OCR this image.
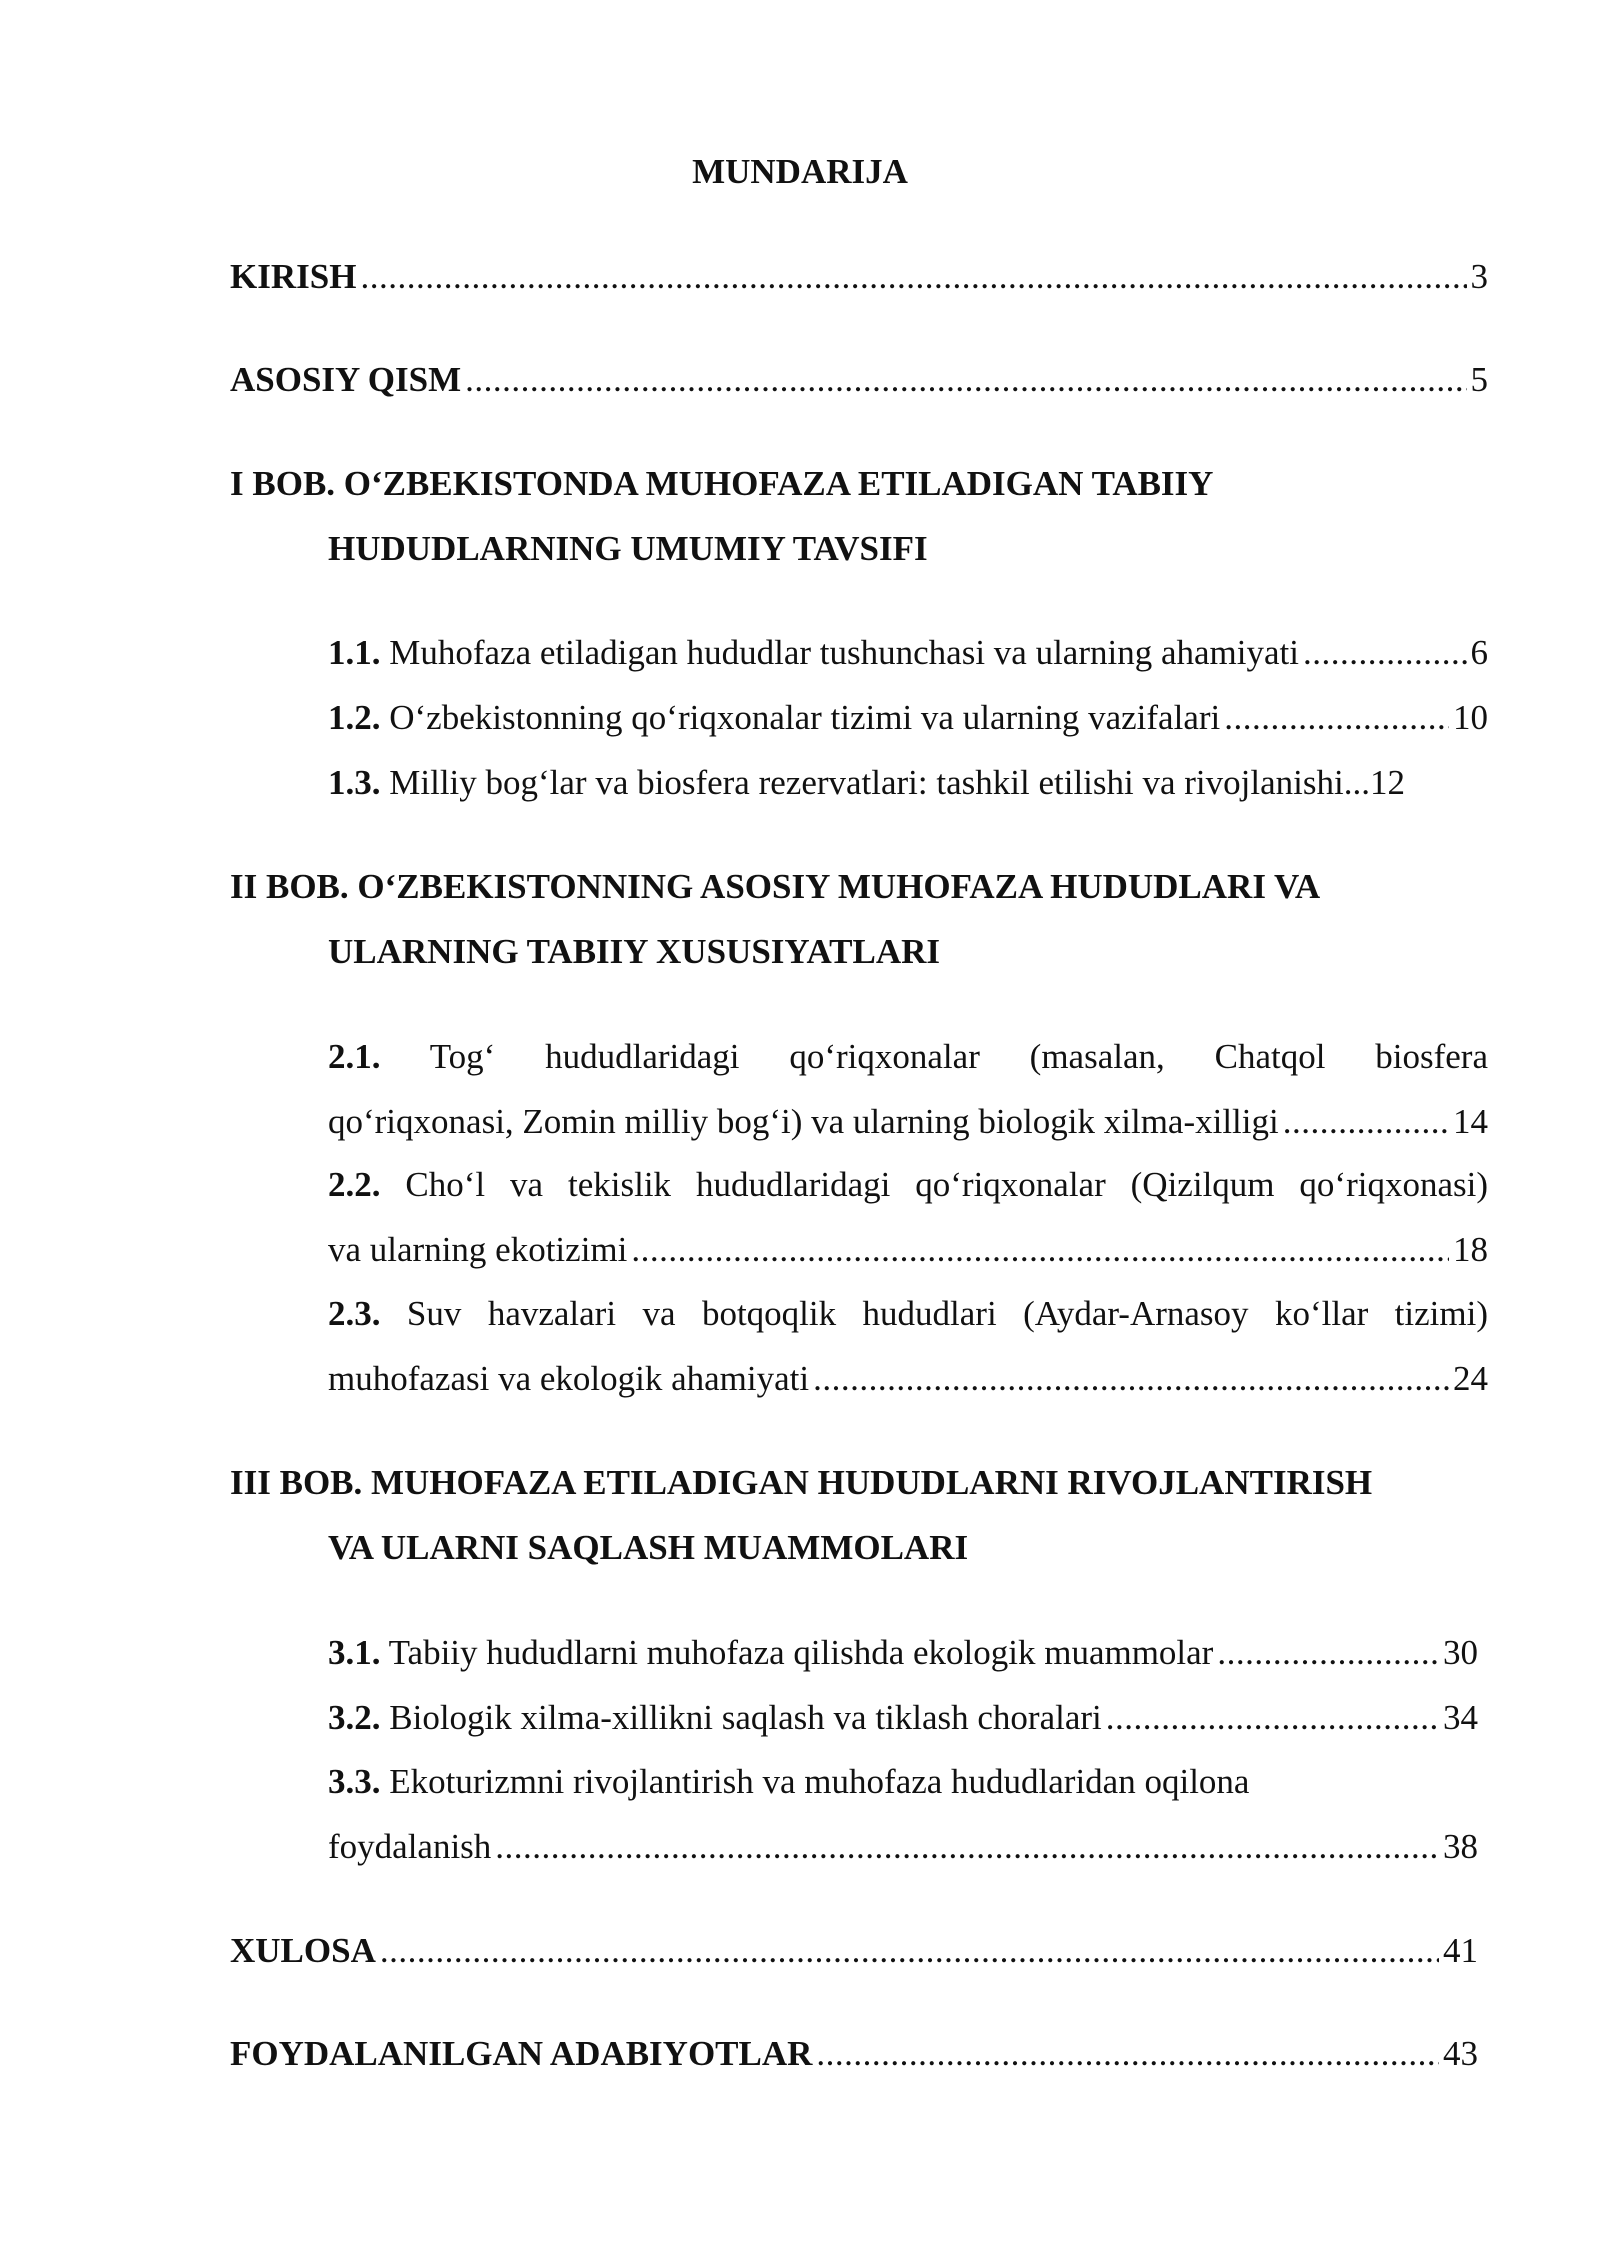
MUNDARIJA
KIRISH .....	3
ASOSIY QISM .....	5
I BOB. O‘ZBEKISTONDA MUHOFAZA ETILADIGAN TABIIY
HUDUDLARNING UMUMIY TAVSIFI
1.1. Muhofaza etiladigan hududlar tushunchasi va ularning ahamiyati .....	6
1.2. O‘zbekistonning qo‘riqxonalar tizimi va ularning vazifalari .....	10
1.3. Milliy bog‘lar va biosfera rezervatlari: tashkil etilishi va rivojlanishi...12
II BOB. O‘ZBEKISTONNING ASOSIY MUHOFAZA HUDUDLARI VA
ULARNING TABIIY XUSUSIYATLARI
2.1. Tog‘ hududlaridagi qo‘riqxonalar (masalan, Chatqol biosfera
qo‘riqxonasi, Zomin milliy bog‘i) va ularning biologik xilma-xilligi .....	14
2.2. Cho‘l va tekislik hududlaridagi qo‘riqxonalar (Qizilqum qo‘riqxonasi)
va ularning ekotizimi .....	18
2.3. Suv havzalari va botqoqlik hududlari (Aydar-Arnasoy ko‘llar tizimi)
muhofazasi va ekologik ahamiyati .....	24
III BOB. MUHOFAZA ETILADIGAN HUDUDLARNI RIVOJLANTIRISH
VA ULARNI SAQLASH MUAMMOLARI
3.1. Tabiiy hududlarni muhofaza qilishda ekologik muammolar .....	30
3.2. Biologik xilma-xillikni saqlash va tiklash choralari .....	34
3.3. Ekoturizmni rivojlantirish va muhofaza hududlaridan oqilona
foydalanish .....	38
XULOSA .....	41
FOYDALANILGAN ADABIYOTLAR .....	43
